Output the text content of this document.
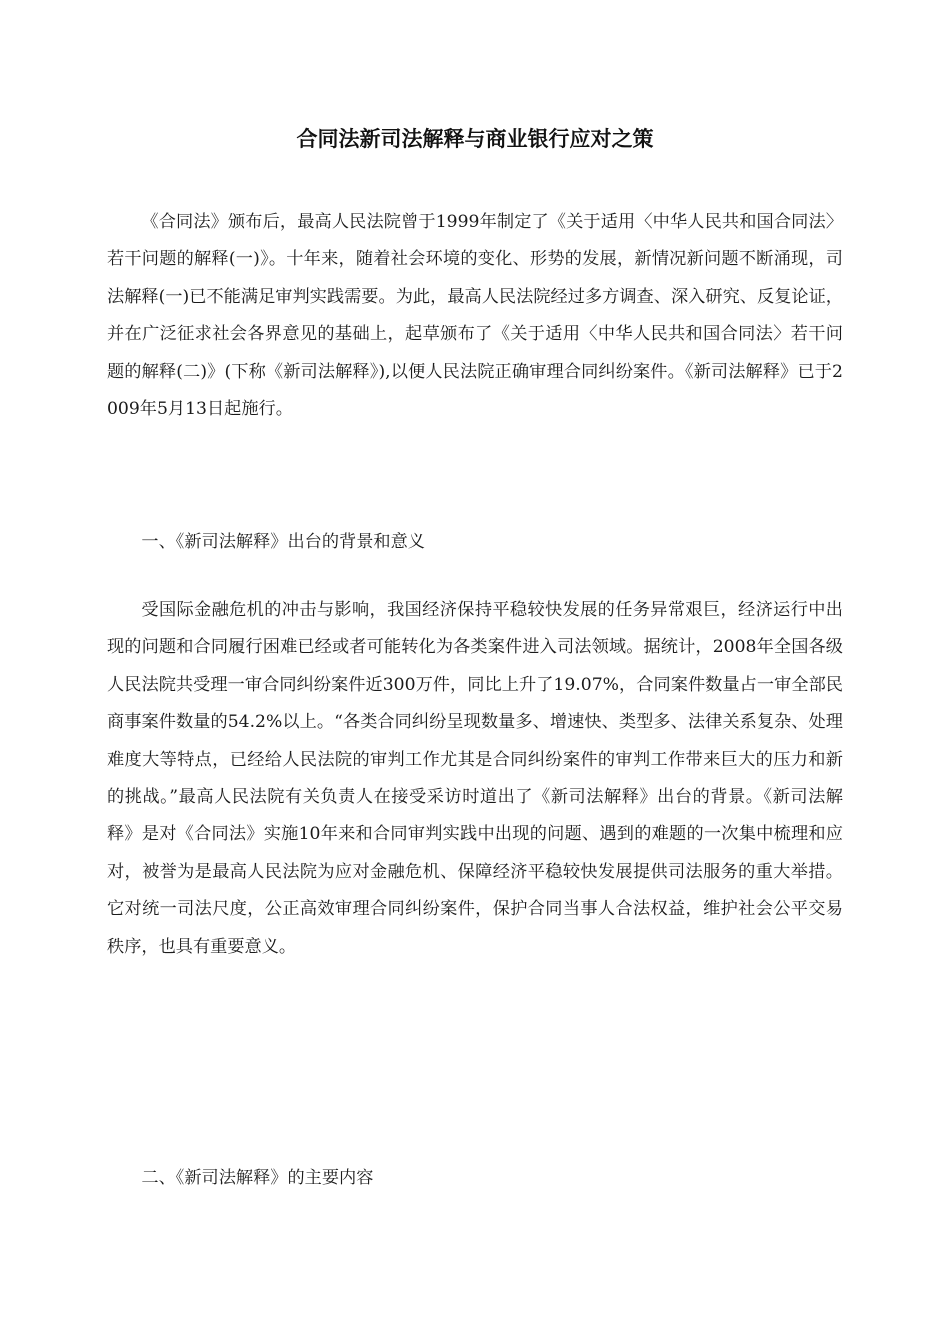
合同法新司法解释与商业银行应对之策

《合同法》颁布后，最高人民法院曾于1999年制定了《关于适用〈中华人民共和国合同法〉若干问题的解释(一)》。十年来，随着社会环境的变化、形势的发展，新情况新问题不断涌现，司法解释(一)已不能满足审判实践需要。为此，最高人民法院经过多方调查、深入研究、反复论证，并在广泛征求社会各界意见的基础上，起草颁布了《关于适用〈中华人民共和国合同法〉若干问题的解释(二)》(下称《新司法解释》),以便人民法院正确审理合同纠纷案件。《新司法解释》已于2009年5月13日起施行。

一、《新司法解释》出台的背景和意义

受国际金融危机的冲击与影响，我国经济保持平稳较快发展的任务异常艰巨，经济运行中出现的问题和合同履行困难已经或者可能转化为各类案件进入司法领域。据统计，2008年全国各级人民法院共受理一审合同纠纷案件近300万件，同比上升了19.07%，合同案件数量占一审全部民商事案件数量的54.2%以上。“各类合同纠纷呈现数量多、增速快、类型多、法律关系复杂、处理难度大等特点，已经给人民法院的审判工作尤其是合同纠纷案件的审判工作带来巨大的压力和新的挑战。”最高人民法院有关负责人在接受采访时道出了《新司法解释》出台的背景。《新司法解释》是对《合同法》实施10年来和合同审判实践中出现的问题、遇到的难题的一次集中梳理和应对，被誉为是最高人民法院为应对金融危机、保障经济平稳较快发展提供司法服务的重大举措。它对统一司法尺度，公正高效审理合同纠纷案件，保护合同当事人合法权益，维护社会公平交易秩序，也具有重要意义。

二、《新司法解释》的主要内容
